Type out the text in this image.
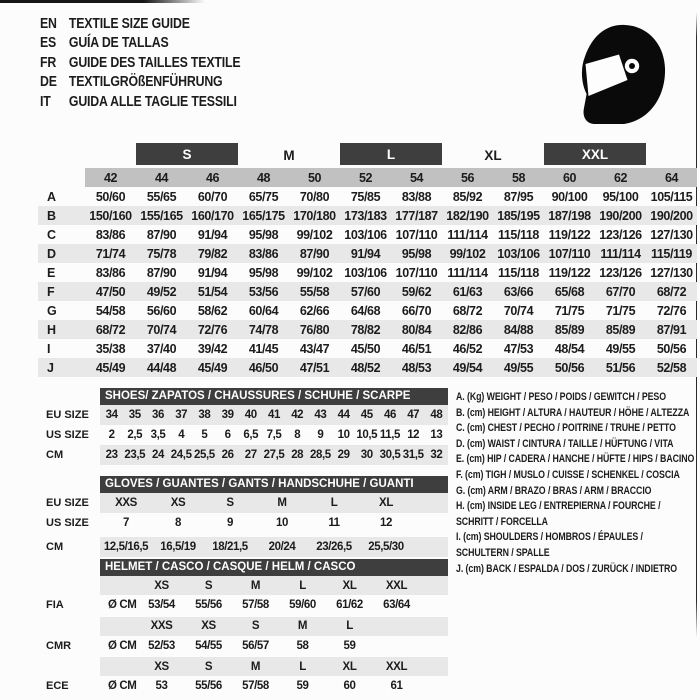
EN TEXTILE SIZE GUIDE
ES GUÍA DE TALLAS
FR GUIDE DES TAILLES TEXTILE
DE TEXTILGRÖßENFÜHRUNG
IT	GUIDA ALLE TAGLIE TESSILI
S	M	L	XL	XXL
42	44	46	48	50	52	54	56	58	60	62	64
A	50/60	55/65	60/70	65/75	70/80	75/85	83/88	85/92	87/95	90/100	95/100 105/115
B	150/160 155/165 160/170 165/175 170/180 173/183 177/187 182/190 185/195 187/198 190/200 190/200
C	83/86	87/90	91/94	95/98	99/102 103/106 107/110 111/114 115/118 119/122 123/126 127/130
D	71/74	75/78	79/82	83/86	87/90	91/94	95/98	99/102 103/106 107/110 111/114 115/119
E	83/86	87/90	91/94	95/98	99/102 103/106 107/110 111/114 115/118 119/122 123/126 127/130
F	47/50	49/52	51/54	53/56	55/58	57/60	59/62	61/63	63/66	65/68	67/70	68/72
G	54/58	56/60	58/62	60/64	62/66	64/68	66/70	68/72	70/74	71/75	71/75	72/76
H	68/72	70/74	72/76	74/78	76/80	78/82	80/84	82/86	84/88	85/89	85/89	87/91
I	35/38	37/40	39/42	41/45	43/47	45/50	46/51	46/52	47/53	48/54	49/55	50/56
J	45/49	44/48	45/49	46/50	47/51	48/52	48/53	49/54	49/55	50/56	51/56	52/58
SHOES/ ZAPATOS / CHAUSSURES / SCHUHE / SCARPE
EU SIZE	34 35 36 37 38 39 40 41 42 43 44 45 46 47 48
US SIZE	2	2,5 3,5	4	5	6	6,5 7,5	8	9	10 10,5 11,5 12 13
CM	23 23,5 24 24,5 25,5 26 27 27,5 28 28,5 29 30 30,5 31,5 32
GLOVES / GUANTES / GANTS / HANDSCHUHE / GUANTI
EU SIZE	XXS	XS	S	M	L	XL
US SIZE	7	8	9	10	11	12
CM	12,5/16,5	16,5/19	18/21,5	20/24	23/26,5	25,5/30
HELMET / CASCO / CASQUE / HELM / CASCO
XS	S	M	L	XL	XXL
FIA	Ø CM	53/54	55/56	57/58	59/60	61/62	63/64
XXS	XS	S	M	L
CMR	Ø CM	52/53	54/55	56/57	58	59
XS	S	M	L	XL	XXL
ECE	Ø CM	53	55/56	57/58	59	60	61

A. (Kg) WEIGHT / PESO / POIDS / GEWITCH / PESO

B. (cm) HEIGHT / ALTURA / HAUTEUR / HÖHE / ALTEZZA

C. (cm) CHEST / PECHO / POITRINE / TRUHE / PETTO

D. (cm) WAIST / CINTURA / TAILLE / HÜFTUNG / VITA

E. (cm) HIP / CADERA / HANCHE / HÜFTE / HIPS / BACINO

F. (cm) TIGH / MUSLO / CUISSE / SCHENKEL / COSCIA

G. (cm) ARM / BRAZO / BRAS / ARM / BRACCIO

H. (cm) INSIDE LEG / ENTREPIERNA / FOURCHE /

SCHRITT / FORCELLA

I. (cm) SHOULDERS / HOMBROS / ÉPAULES /

SCHULTERN / SPALLE

J. (cm) BACK / ESPALDA / DOS / ZURÜCK / INDIETRO
